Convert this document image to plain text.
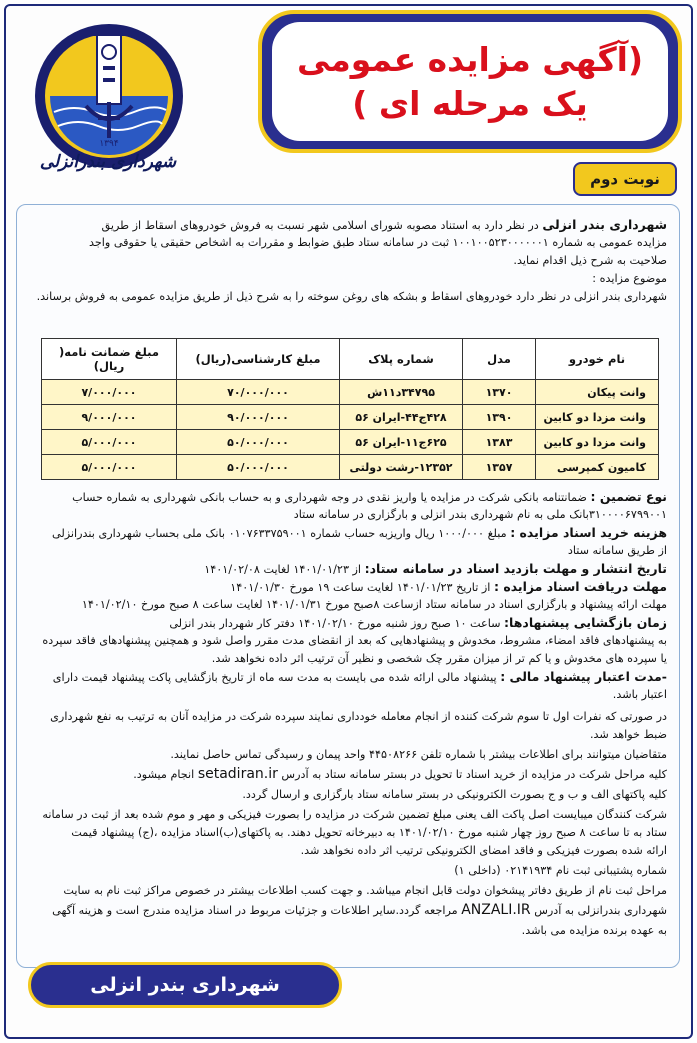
۱۳۹۴
شهرداری بندرانزلی
(آگهی مزایده عمومی
یک مرحله ای )
نوبت دوم
شهرداری بندر انزلی در نظر دارد به استناد مصوبه شورای اسلامی شهر نسبت به فروش خودروهای اسقاط از طریق
مزایده عمومی به شماره ۱۰۰۱۰۰۵۲۳۰۰۰۰۰۰۱ ثبت در سامانه ستاد طبق ضوابط و مقررات به اشخاص حقیقی یا حقوقی واجد
صلاحیت به شرح ذیل اقدام نماید.
موضوع مزایده :
شهرداری بندر انزلی در نظر دارد خودروهای اسقاط و بشکه های روغن سوخته را به شرح ذیل از طریق مزایده عمومی به فروش برساند.
نام خودرو	مدل	شماره پلاک	مبلغ کارشناسی(ریال)	مبلغ ضمانت نامه( ریال)
وانت پیکان	۱۳۷۰	۳۴۷۹۵د۱۱ش	۷۰/۰۰۰/۰۰۰	۷/۰۰۰/۰۰۰
وانت مزدا دو کابین	۱۳۹۰	۴۲۸ج۴۴-ایران ۵۶	۹۰/۰۰۰/۰۰۰	۹/۰۰۰/۰۰۰
وانت مزدا دو کابین	۱۳۸۳	۶۲۵ج۱۱-ایران ۵۶	۵۰/۰۰۰/۰۰۰	۵/۰۰۰/۰۰۰
کامیون کمپرسی	۱۳۵۷	۱۲۳۵۲-رشت دولتی	۵۰/۰۰۰/۰۰۰	۵/۰۰۰/۰۰۰
نوع تضمین : ضمانتنامه بانکی شرکت در مزایده یا واریز نقدی در وجه شهرداری و به حساب بانکی شهرداری به شماره حساب
۳۱۰۰۰۰۶۷۹۹۰۰۱بانک ملی به نام شهرداری بندر انزلی و بارگزاری در سامانه ستاد
هزینه خرید اسناد مزایده : مبلغ ۱۰۰۰/۰۰۰ ریال واریزبه حساب شماره ۰۱۰۷۶۳۳۷۵۹۰۰۱ بانک ملی بحساب شهرداری بندرانزلی
از طریق سامانه ستاد
تاریخ انتشار و مهلت بازدید اسناد در سامانه ستاد: از ۱۴۰۱/۰۱/۲۳ لغایت ۱۴۰۱/۰۲/۰۸
مهلت دریافت اسناد مزایده : از تاریخ ۱۴۰۱/۰۱/۲۳ لغایت ساعت ۱۹ مورخ ۱۴۰۱/۰۱/۳۰
مهلت ارائه پیشنهاد و بارگزاری اسناد در سامانه ستاد ازساعت ۸صبح مورخ ۱۴۰۱/۰۱/۳۱ لغایت ساعت ۸ صبح مورخ ۱۴۰۱/۰۲/۱۰
زمان بازگشایی پیشنهادها: ساعت ۱۰ صبح روز شنبه مورخ ۱۴۰۱/۰۲/۱۰ دفتر کار شهردار بندر انزلی
به پیشنهادهای فاقد امضاء، مشروط، مخدوش و پیشنهادهایی که بعد از انقضای مدت مقرر واصل شود و همچنین پیشنهادهای فاقد سپرده
یا سپرده های مخدوش و یا کم تر از میزان مقرر چک شخصی و نظیر آن ترتیب اثر داده نخواهد شد.
-مدت اعتبار پیشنهاد مالی : پیشنهاد مالی ارائه شده می بایست به مدت سه ماه از تاریخ بازگشایی پاکت پیشنهاد قیمت دارای
اعتبار باشد.
در صورتی که نفرات اول تا سوم شرکت کننده از انجام معامله خودداری نمایند سپرده شرکت در مزایده آنان به ترتیب به نفع شهرداری
ضبط خواهد شد.
متقاضیان میتوانند برای اطلاعات بیشتر با شماره تلفن ۴۴۵۰۸۲۶۶ واحد پیمان و رسیدگی تماس حاصل نمایند.
کلیه مراحل شرکت در مزایده از خرید اسناد تا تحویل در بستر سامانه ستاد به آدرس setadiran.ir انجام میشود.
کلیه پاکتهای الف و ب و ج بصورت الکترونیکی در بستر سامانه ستاد بارگزاری و ارسال گردد.
شرکت کنندگان میبایست اصل پاکت الف یعنی مبلغ تضمین شرکت در مزایده را بصورت فیزیکی و مهر و موم شده بعد از ثبت در سامانه
ستاد به تا ساعت ۸ صبح روز چهار شنبه مورخ ۱۴۰۱/۰۲/۱۰ به دبیرخانه تحویل دهند. به پاکتهای(ب)اسناد مزایده ،(ج) پیشنهاد قیمت
ارائه شده بصورت فیزیکی و فاقد امضای الکترونیکی ترتیب اثر داده نخواهد شد.
شماره پشتیبانی ثبت نام ۰۲۱۴۱۹۳۴ (داخلی ۱)
مراحل ثبت نام از طریق دفاتر پیشخوان دولت قابل انجام میباشد. و جهت کسب اطلاعات بیشتر در خصوص مراکز ثبت نام به سایت
شهرداری بندرانزلی به آدرس ANZALI.IR مراجعه گردد.سایر اطلاعات و جزئیات مربوط در اسناد مزایده مندرج است و هزینه آگهی
به عهده برنده مزایده می باشد.
شهرداری بندر انزلی
